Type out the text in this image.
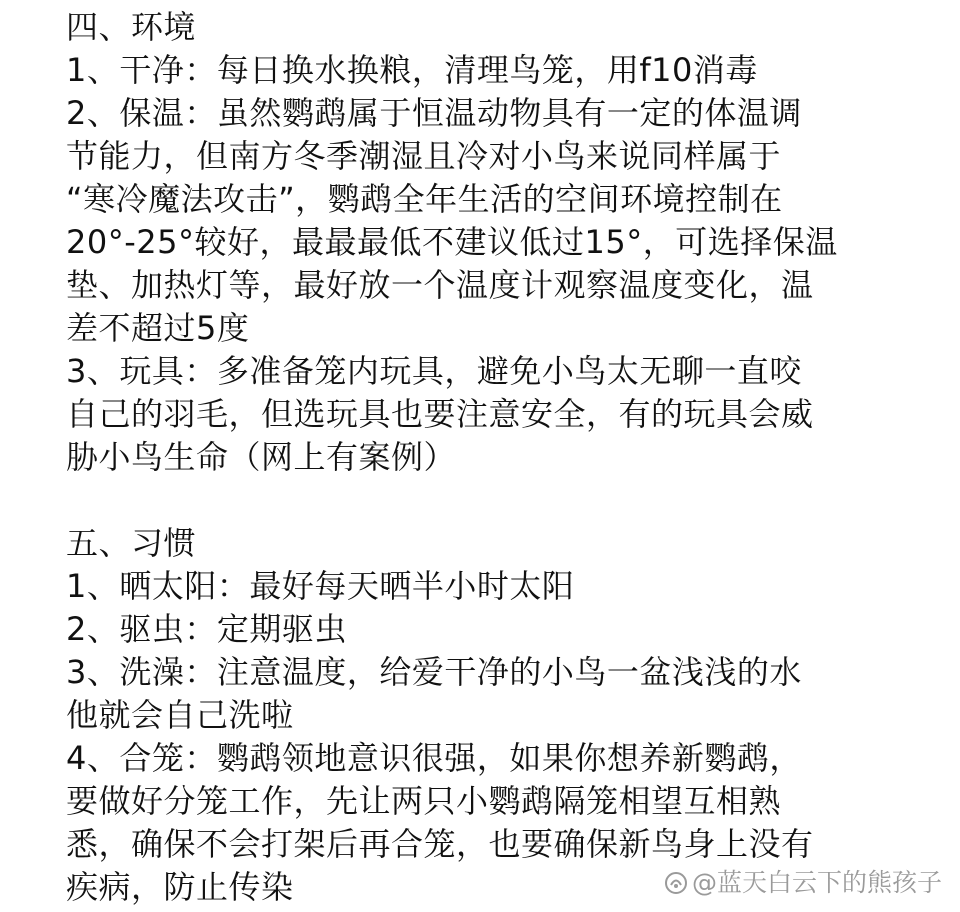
四、环境
1、干净：每日换水换粮，清理鸟笼，用f10消毒
2、保温：虽然鹦鹉属于恒温动物具有一定的体温调
节能力，但南方冬季潮湿且冷对小鸟来说同样属于
“寒冷魔法攻击”，鹦鹉全年生活的空间环境控制在
20°-25°较好，最最最低不建议低过15°，可选择保温
垫、加热灯等，最好放一个温度计观察温度变化，温
差不超过5度
3、玩具：多准备笼内玩具，避免小鸟太无聊一直咬
自己的羽毛，但选玩具也要注意安全，有的玩具会威
胁小鸟生命（网上有案例）
五、习惯
1、晒太阳：最好每天晒半小时太阳
2、驱虫：定期驱虫
3、洗澡：注意温度，给爱干净的小鸟一盆浅浅的水
他就会自己洗啦
4、合笼：鹦鹉领地意识很强，如果你想养新鹦鹉，
要做好分笼工作，先让两只小鹦鹉隔笼相望互相熟
悉，确保不会打架后再合笼，也要确保新鸟身上没有
疾病，防止传染	@蓝天白云下的熊孩子
